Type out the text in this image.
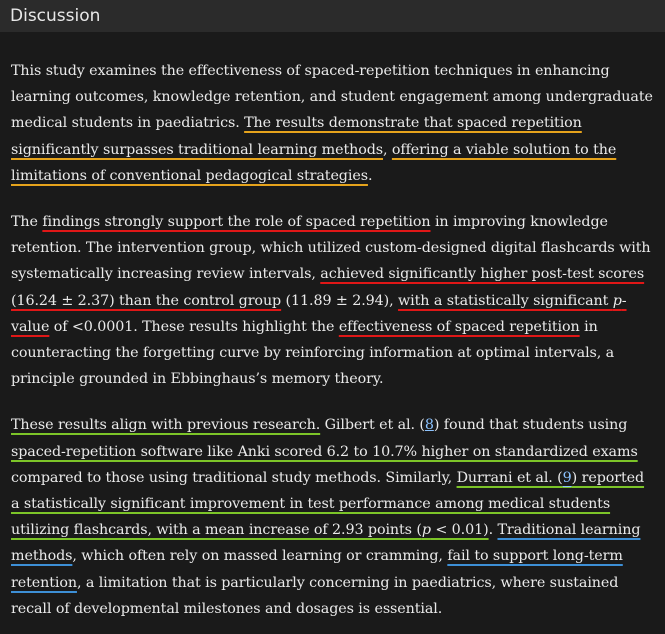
Discussion

This study examines the effectiveness of spaced-repetition techniques in enhancing learning outcomes, knowledge retention, and student engagement among undergraduate medical students in paediatrics. The results demonstrate that spaced repetition significantly surpasses traditional learning methods, offering a viable solution to the limitations of conventional pedagogical strategies.

The findings strongly support the role of spaced repetition in improving knowledge retention. The intervention group, which utilized custom-designed digital flashcards with systematically increasing review intervals, achieved significantly higher post-test scores (16.24 ± 2.37) than the control group (11.89 ± 2.94), with a statistically significant p-value of <0.0001. These results highlight the effectiveness of spaced repetition in counteracting the forgetting curve by reinforcing information at optimal intervals, a principle grounded in Ebbinghaus’s memory theory.

These results align with previous research. Gilbert et al. (8) found that students using spaced-repetition software like Anki scored 6.2 to 10.7% higher on standardized exams compared to those using traditional study methods. Similarly, Durrani et al. (9) reported a statistically significant improvement in test performance among medical students utilizing flashcards, with a mean increase of 2.93 points (p < 0.01). Traditional learning methods, which often rely on massed learning or cramming, fail to support long-term retention, a limitation that is particularly concerning in paediatrics, where sustained recall of developmental milestones and dosages is essential.
